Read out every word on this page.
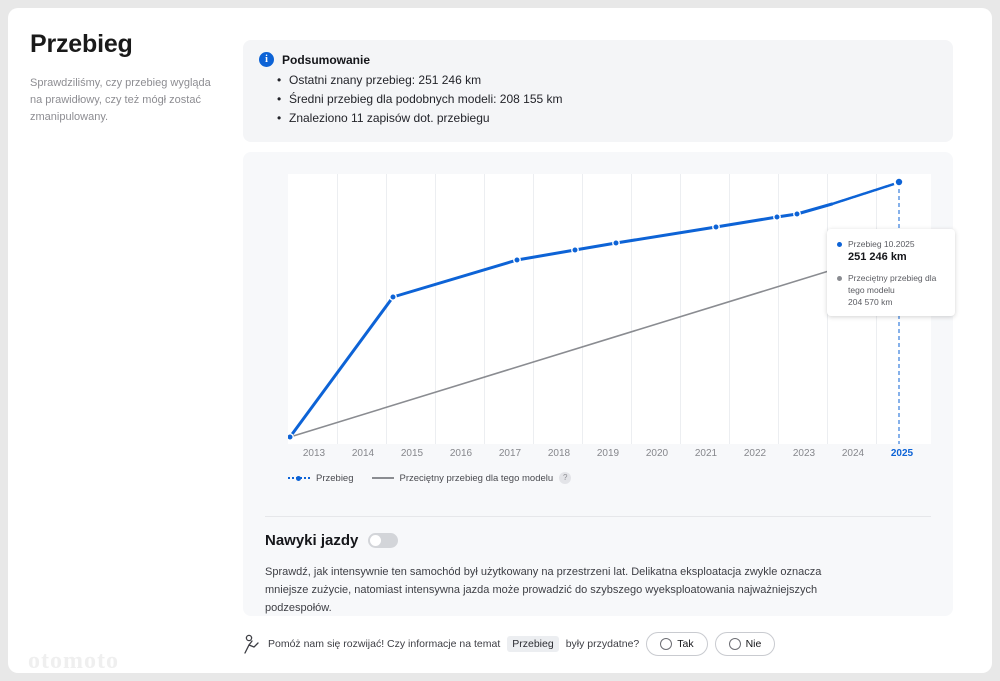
Przebieg
Sprawdziliśmy, czy przebieg wygląda na prawidłowy, czy też mógł zostać zmanipulowany.
i	Podsumowanie
• Ostatni znany przebieg: 251 246 km
• Średni przebieg dla podobnych modeli: 208 155 km
• Znaleziono 11 zapisów dot. przebiegu
Przebieg 10.2025
251 246 km
Przeciętny przebieg dla tego modelu
204 570 km
2013	2014	2015	2016	2017	2018	2019	2020	2021	2022	2023	2024	2025
Przebieg	Przeciętny przebieg dla tego modelu	?
Nawyki jazdy
Sprawdź, jak intensywnie ten samochód był użytkowany na przestrzeni lat. Delikatna eksploatacja zwykle oznacza mniejsze zużycie, natomiast intensywna jazda może prowadzić do szybszego wyeksploatowania najważniejszych podzespołów.
Pomóż nam się rozwijać! Czy informacje na temat	Przebieg	były przydatne?	Tak	Nie
otomoto
